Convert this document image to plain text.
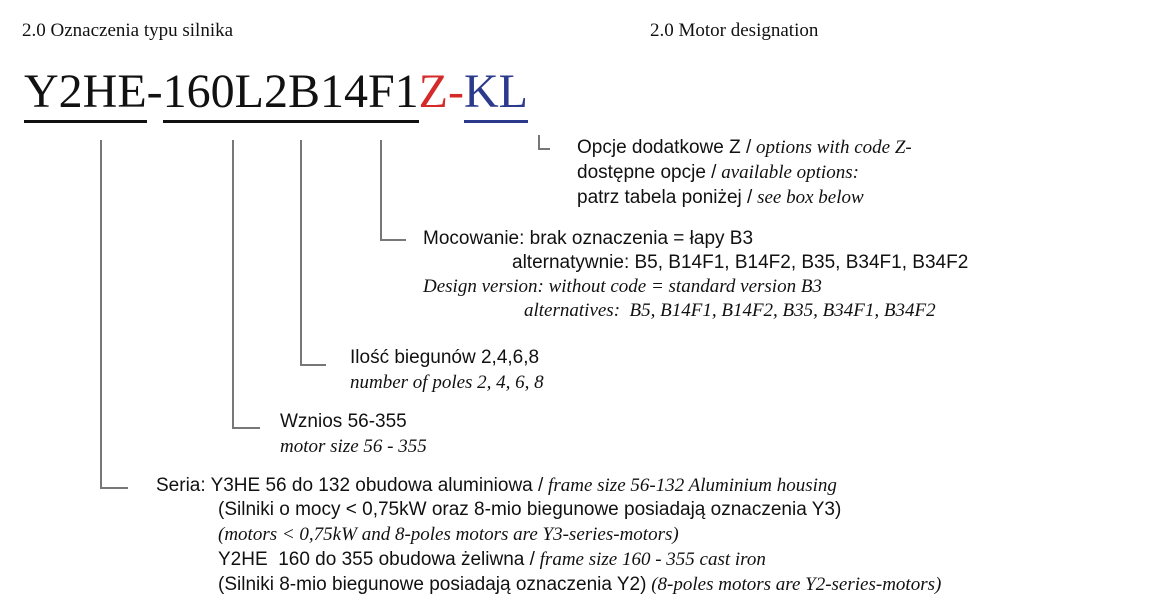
2.0 Oznaczenia typu silnika	2.0 Motor designation
Y2HE-160L2B14F1Z-KL
Opcje dodatkowe Z / options with code Z-
dostępne opcje / available options:
patrz tabela poniżej / see box below
Mocowanie: brak oznaczenia = łapy B3
alternatywnie: B5, B14F1, B14F2, B35, B34F1, B34F2
Design version: without code = standard version B3
alternatives:  B5, B14F1, B14F2, B35, B34F1, B34F2
Ilość biegunów 2,4,6,8
number of poles 2, 4, 6, 8
Wznios 56-355
motor size 56 - 355
Seria: Y3HE 56 do 132 obudowa aluminiowa / frame size 56-132 Aluminium housing
(Silniki o mocy < 0,75kW oraz 8-mio biegunowe posiadają oznaczenia Y3)
(motors < 0,75kW and 8-poles motors are Y3-series-motors)
Y2HE  160 do 355 obudowa żeliwna / frame size 160 - 355 cast iron
(Silniki 8-mio biegunowe posiadają oznaczenia Y2) (8-poles motors are Y2-series-motors)
